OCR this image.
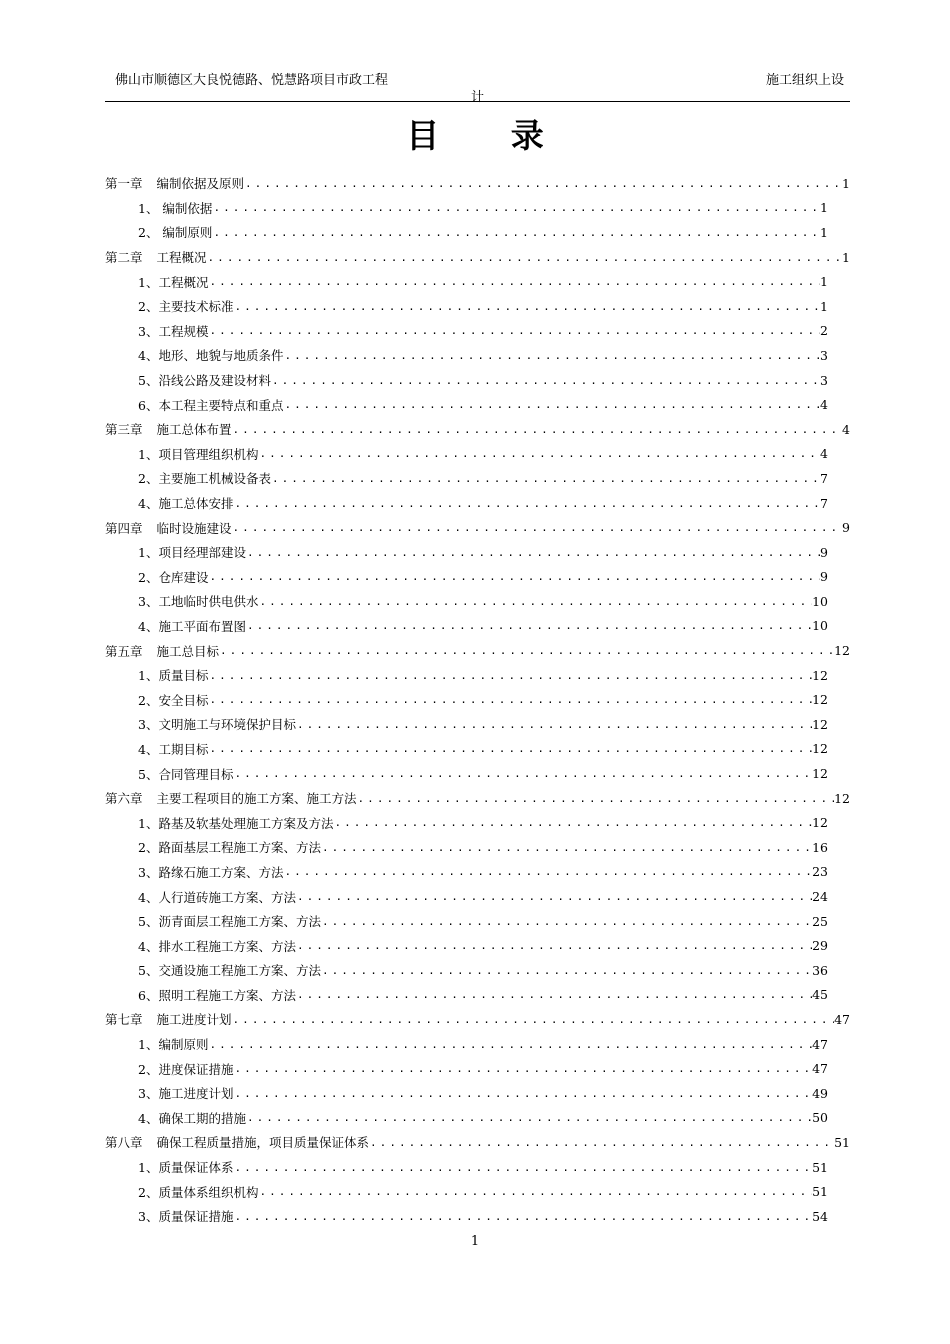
佛山市顺德区大良悦德路、悦慧路项目市政工程	施工组织上设
计
目 录
第一章 编制依据及原则 . . .	1
1、 编制依据 . . .	1
2、 编制原则 . . .	1
第二章 工程概况 . . .	1
1、工程概况 . . .	1
2、主要技术标准 . . .	1
3、工程规模 . . .	2
4、地形、地貌与地质条件 . . .	3
5、沿线公路及建设材料 . . .	3
6、本工程主要特点和重点 . . .	4
第三章 施工总体布置 . . .	4
1、项目管理组织机构 . . .	4
2、主要施工机械设备表 . . .	7
4、施工总体安排 . . .	7
第四章 临时设施建设 . . .	9
1、项目经理部建设 . . .	9
2、仓库建设 . . .	9
3、工地临时供电供水 . . .	10
4、施工平面布置图 . . .	10
第五章 施工总目标 . . .	12
1、质量目标 . . .	12
2、安全目标 . . .	12
3、文明施工与环境保护目标 . . .	12
4、工期目标 . . .	12
5、合同管理目标 . . .	12
第六章 主要工程项目的施工方案、施工方法 . . .	12
1、路基及软基处理施工方案及方法 . . .	12
2、路面基层工程施工方案、方法 . . .	16
3、路缘石施工方案、方法 . . .	23
4、人行道砖施工方案、方法 . . .	24
5、沥青面层工程施工方案、方法 . . .	25
4、排水工程施工方案、方法 . . .	29
5、交通设施工程施工方案、方法 . . .	36
6、照明工程施工方案、方法 . . .	45
第七章 施工进度计划 . . .	47
1、编制原则 . . .	47
2、进度保证措施 . . .	47
3、施工进度计划 . . .	49
4、确保工期的措施 . . .	50
第八章 确保工程质量措施，项目质量保证体系 . . .	51
1、质量保证体系 . . .	51
2、质量体系组织机构 . . .	51
3、质量保证措施 . . .	54
1
